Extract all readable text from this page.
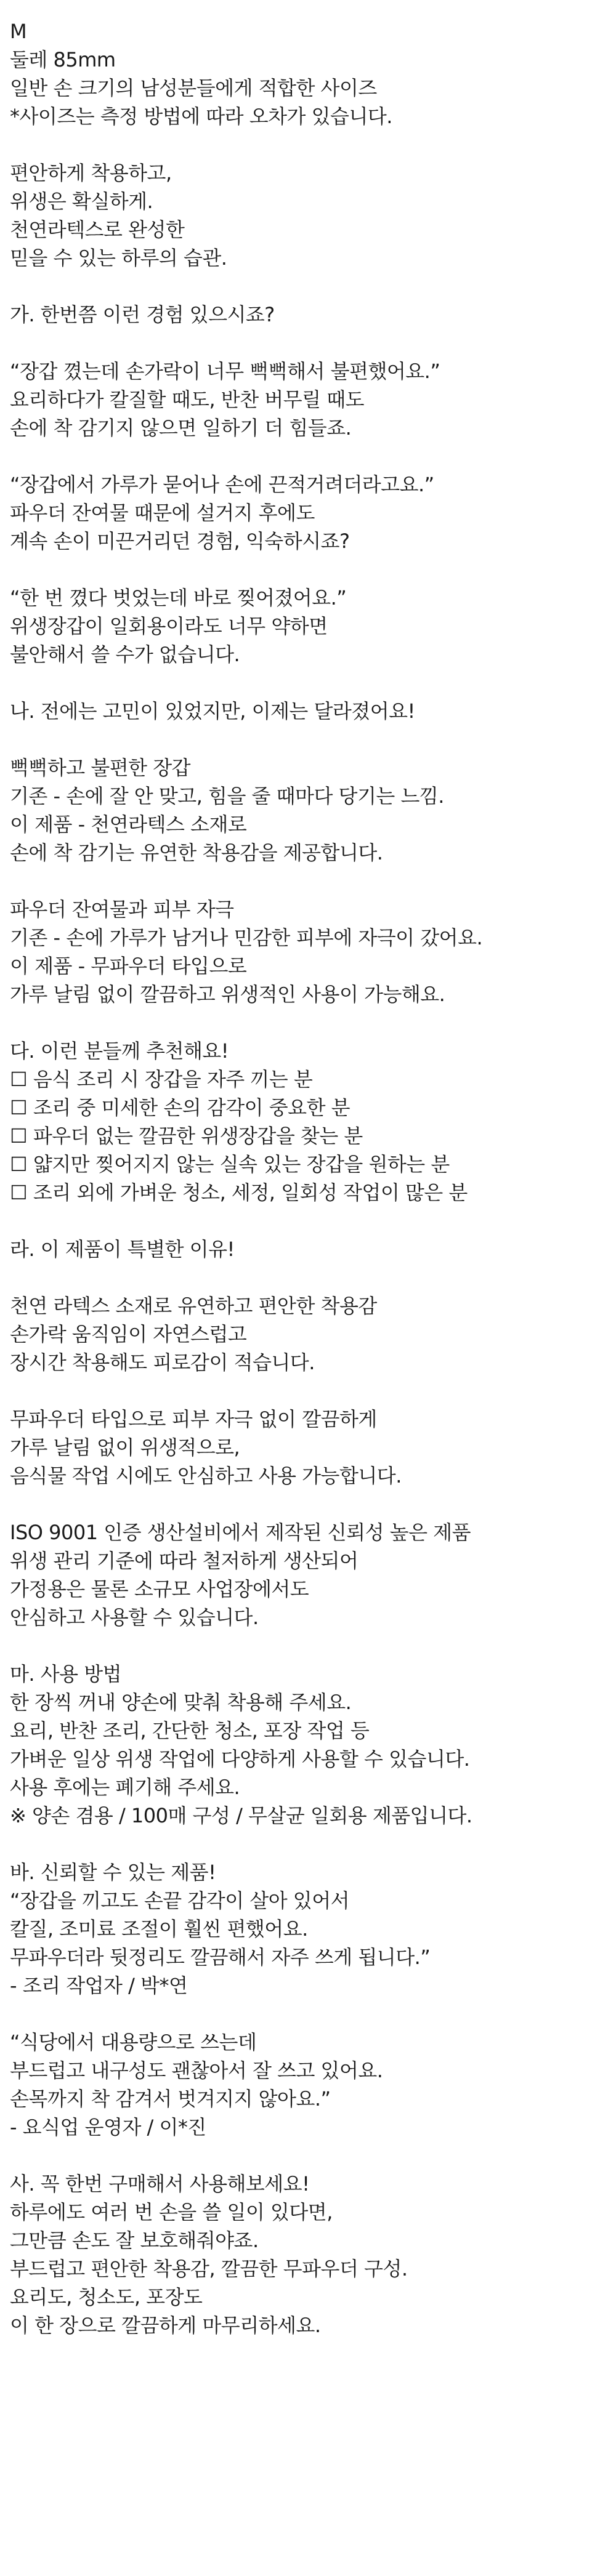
M
둘레 85mm
일반 손 크기의 남성분들에게 적합한 사이즈
*사이즈는 측정 방법에 따라 오차가 있습니다.
편안하게 착용하고,
위생은 확실하게.
천연라텍스로 완성한
믿을 수 있는 하루의 습관.
가. 한번쯤 이런 경험 있으시죠?
“장갑 꼈는데 손가락이 너무 뻑뻑해서 불편했어요.”
요리하다가 칼질할 때도, 반찬 버무릴 때도
손에 착 감기지 않으면 일하기 더 힘들죠.
“장갑에서 가루가 묻어나 손에 끈적거려더라고요.”
파우더 잔여물 때문에 설거지 후에도
계속 손이 미끈거리던 경험, 익숙하시죠?
“한 번 꼈다 벗었는데 바로 찢어졌어요.”
위생장갑이 일회용이라도 너무 약하면
불안해서 쓸 수가 없습니다.
나. 전에는 고민이 있었지만, 이제는 달라졌어요!
뻑뻑하고 불편한 장갑
기존 - 손에 잘 안 맞고, 힘을 줄 때마다 당기는 느낌.
이 제품 - 천연라텍스 소재로
손에 착 감기는 유연한 착용감을 제공합니다.
파우더 잔여물과 피부 자극
기존 - 손에 가루가 남거나 민감한 피부에 자극이 갔어요.
이 제품 - 무파우더 타입으로
가루 날림 없이 깔끔하고 위생적인 사용이 가능해요.
다. 이런 분들께 추천해요!
☐ 음식 조리 시 장갑을 자주 끼는 분
☐ 조리 중 미세한 손의 감각이 중요한 분
☐ 파우더 없는 깔끔한 위생장갑을 찾는 분
☐ 얇지만 찢어지지 않는 실속 있는 장갑을 원하는 분
☐ 조리 외에 가벼운 청소, 세정, 일회성 작업이 많은 분
라. 이 제품이 특별한 이유!
천연 라텍스 소재로 유연하고 편안한 착용감
손가락 움직임이 자연스럽고
장시간 착용해도 피로감이 적습니다.
무파우더 타입으로 피부 자극 없이 깔끔하게
가루 날림 없이 위생적으로,
음식물 작업 시에도 안심하고 사용 가능합니다.
ISO 9001 인증 생산설비에서 제작된 신뢰성 높은 제품
위생 관리 기준에 따라 철저하게 생산되어
가정용은 물론 소규모 사업장에서도
안심하고 사용할 수 있습니다.
마. 사용 방법
한 장씩 꺼내 양손에 맞춰 착용해 주세요.
요리, 반찬 조리, 간단한 청소, 포장 작업 등
가벼운 일상 위생 작업에 다양하게 사용할 수 있습니다.
사용 후에는 폐기해 주세요.
※ 양손 겸용 / 100매 구성 / 무살균 일회용 제품입니다.
바. 신뢰할 수 있는 제품!
“장갑을 끼고도 손끝 감각이 살아 있어서
칼질, 조미료 조절이 훨씬 편했어요.
무파우더라 뒷정리도 깔끔해서 자주 쓰게 됩니다.”
- 조리 작업자 / 박*연
“식당에서 대용량으로 쓰는데
부드럽고 내구성도 괜찮아서 잘 쓰고 있어요.
손목까지 착 감겨서 벗겨지지 않아요.”
- 요식업 운영자 / 이*진
사. 꼭 한번 구매해서 사용해보세요!
하루에도 여러 번 손을 쓸 일이 있다면,
그만큼 손도 잘 보호해줘야죠.
부드럽고 편안한 착용감, 깔끔한 무파우더 구성.
요리도, 청소도, 포장도
이 한 장으로 깔끔하게 마무리하세요.
